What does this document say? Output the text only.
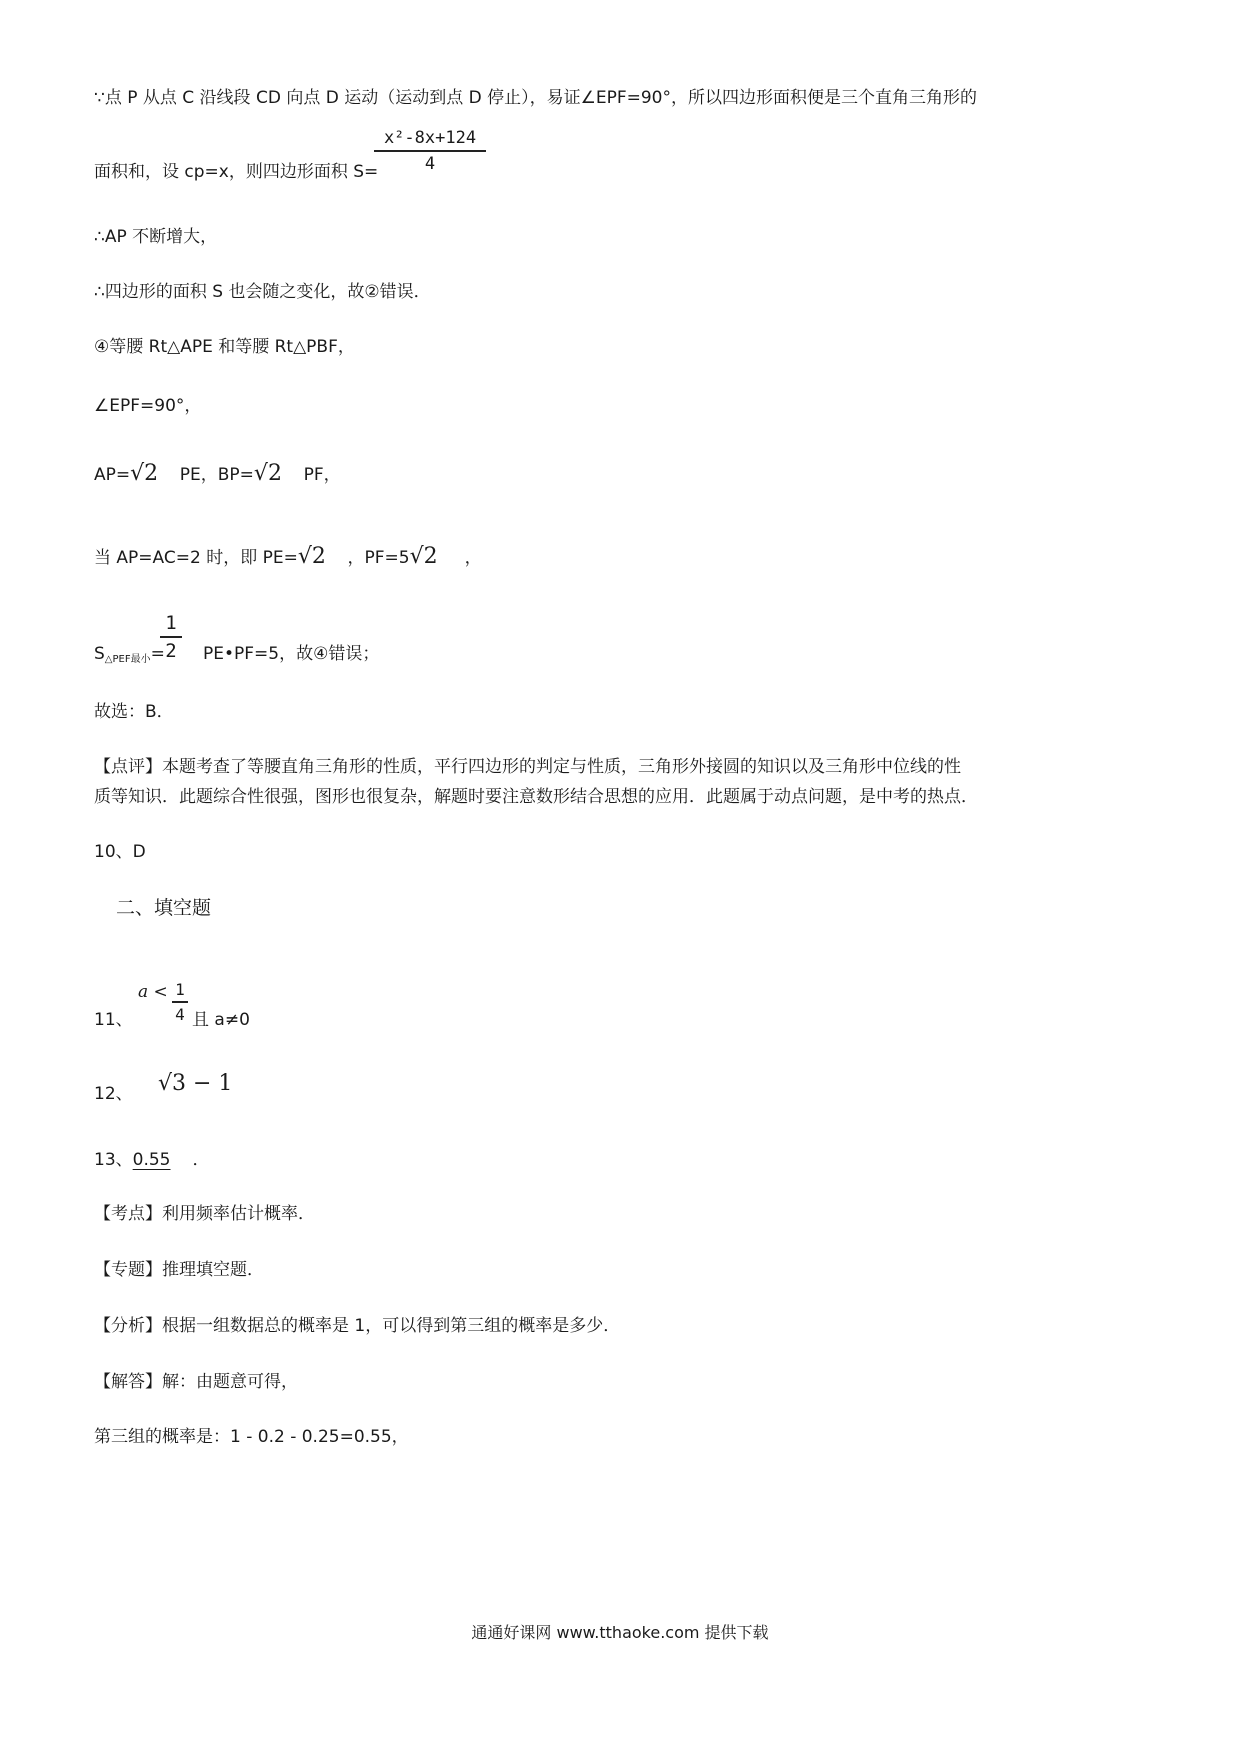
∵点 P 从点 C 沿线段 CD 向点 D 运动（运动到点 D 停止），易证∠EPF=90°，所以四边形面积便是三个直角三角形的
面积和，设 cp=x，则四边形面积 S=
$\frac{\text{x²-8x+124}}{4}$
∴AP 不断增大，
∴四边形的面积 S 也会随之变化，故②错误．
④等腰 Rt△APE 和等腰 Rt△PBF，
∠EPF=90°，
AP=√2 PE，BP=√2 PF，
当 AP=AC=2 时，即 PE=√2 ，PF=5√2 ，
$S_{\triangle PEF最小}=$
$\frac{1}{2}$ PE•PF=5，故④错误；
故选：B．
【点评】本题考查了等腰直角三角形的性质，平行四边形的判定与性质，三角形外接圆的知识以及三角形中位线的性
质等知识．此题综合性很强，图形也很复杂，解题时要注意数形结合思想的应用．此题属于动点问题，是中考的热点．
10、D
二、填空题
11、
$a < \frac{1}{4}$ 且 a≠0
12、 √3 − 1
13、0.55 ．
【考点】利用频率估计概率．
【专题】推理填空题．
【分析】根据一组数据总的概率是 1，可以得到第三组的概率是多少．
【解答】解：由题意可得，
第三组的概率是：1 - 0.2 - 0.25=0.55，
通通好课网 www.tthaoke.com 提供下载
